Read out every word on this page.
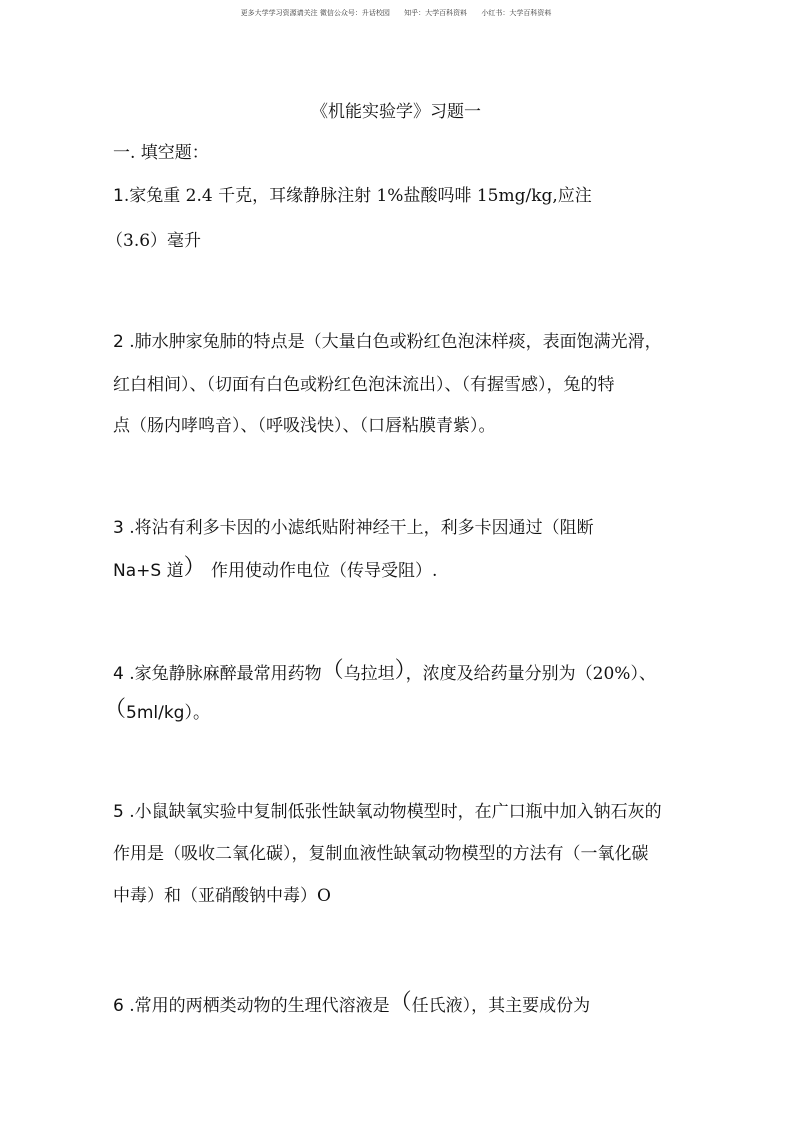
更多大学学习资源请关注 微信公众号：升话校园 知乎：大学百科资料 小红书：大学百科资料
《机能实验学》习题一
一. 填空题：
1.家兔重 2.4 千克，耳缘静脉注射 1%盐酸吗啡 15mg/kg,应注
（3.6）毫升
2 .肺水肿家兔肺的特点是（大量白色或粉红色泡沫样痰，表面饱满光滑，
红白相间）、（切面有白色或粉红色泡沫流出）、（有握雪感），兔的特
点（肠内哮鸣音）、（呼吸浅快）、（口唇粘膜青紫）。
3 .将沾有利多卡因的小滤纸贴附神经干上，利多卡因通过（阻断
Na+S 道） 作用使动作电位（传导受阻）.
4 .家兔静脉麻醉最常用药物（乌拉坦），浓度及给药量分别为（20%）、
（5ml/kg）。
5 .小鼠缺氧实验中复制低张性缺氧动物模型时，在广口瓶中加入钠石灰的
作用是（吸收二氧化碳），复制血液性缺氧动物模型的方法有（一氧化碳
中毒）和（亚硝酸钠中毒）O
6 .常用的两栖类动物的生理代溶液是（任氏液），其主要成份为
